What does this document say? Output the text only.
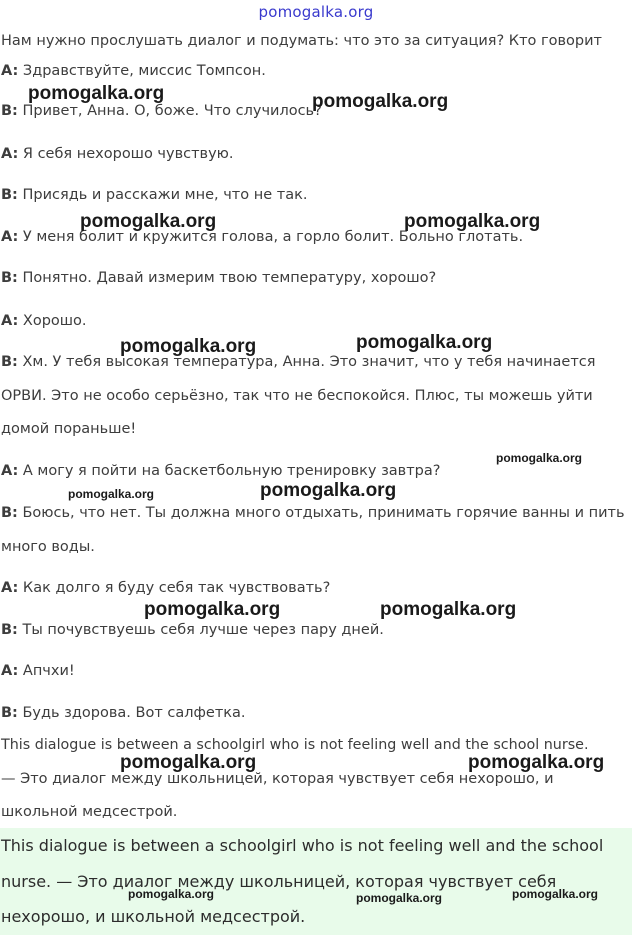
pomogalka.org
Нам нужно прослушать диалог и подумать: что это за ситуация? Кто говорит
A: Здравствуйте, миссис Томпсон.
B: Привет, Анна. О, боже. Что случилось?
A: Я себя нехорошо чувствую.
B: Присядь и расскажи мне, что не так.
A: У меня болит и кружится голова, а горло болит. Больно глотать.
B: Понятно. Давай измерим твою температуру, хорошо?
A: Хорошо.
B: Хм. У тебя высокая температура, Анна. Это значит, что у тебя начинается
ОРВИ. Это не особо серьёзно, так что не беспокойся. Плюс, ты можешь уйти
домой пораньше!
A: А могу я пойти на баскетбольную тренировку завтра?
B: Боюсь, что нет. Ты должна много отдыхать, принимать горячие ванны и пить
много воды.
A: Как долго я буду себя так чувствовать?
B: Ты почувствуешь себя лучше через пару дней.
A: Апчхи!
B: Будь здорова. Вот салфетка.
This dialogue is between a schoolgirl who is not feeling well and the school nurse.
— Это диалог между школьницей, которая чувствует себя нехорошо, и
школьной медсестрой.
This dialogue is between a schoolgirl who is not feeling well and the school
nurse. — Это диалог между школьницей, которая чувствует себя
нехорошо, и школьной медсестрой.
pomogalka.org	pomogalka.org
pomogalka.org	pomogalka.org
pomogalka.org	pomogalka.org
pomogalka.org
pomogalka.org	pomogalka.org
pomogalka.org	pomogalka.org
pomogalka.org	pomogalka.org
pomogalka.org	pomogalka.org	pomogalka.org
